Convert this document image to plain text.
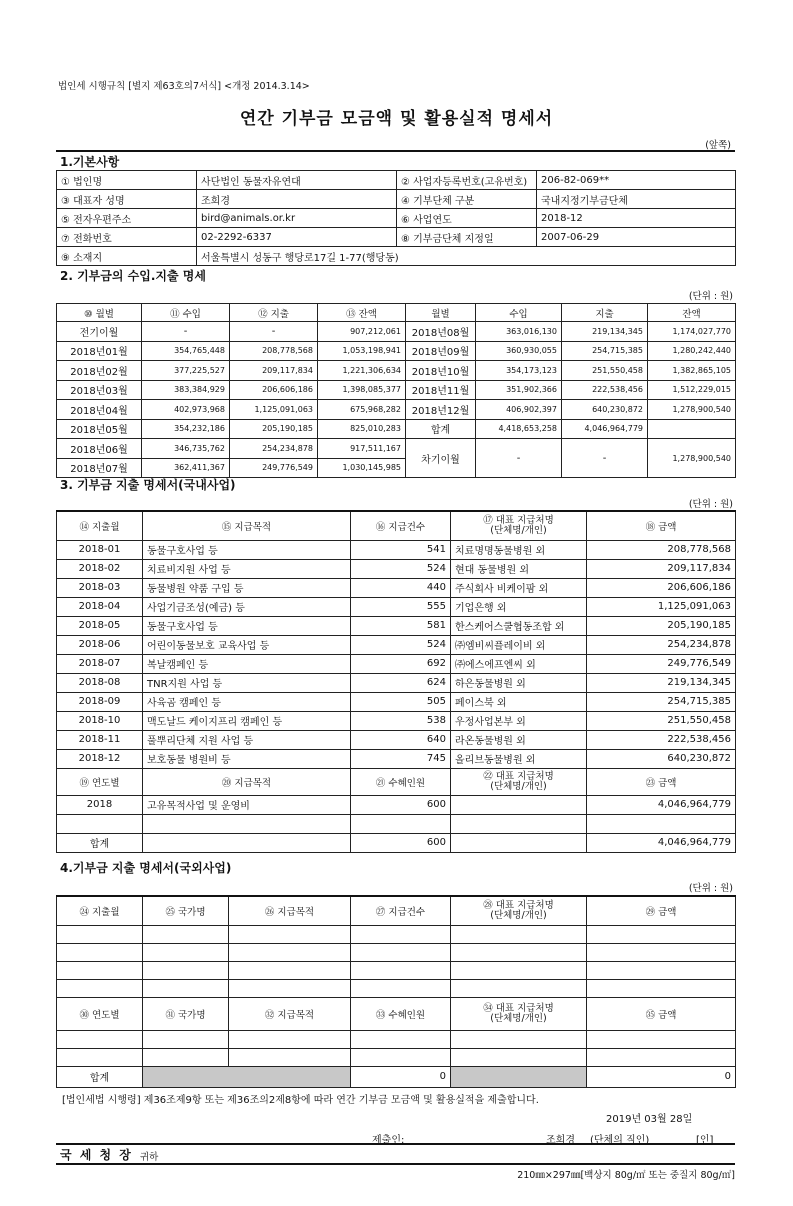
법인세 시행규칙 [별지 제63호의7서식] <개정 2014.3.14>
연간 기부금 모금액 및 활용실적 명세서
(앞쪽)
1.기본사항
① 법인명	사단법인 동물자유연대	② 사업자등록번호(고유번호)	206-82-069**
③ 대표자 성명	조희경	④ 기부단체 구분	국내지정기부금단체
⑤ 전자우편주소	bird@animals.or.kr	⑥ 사업연도	2018-12
⑦ 전화번호	02-2292-6337	⑧ 기부금단체 지정일	2007-06-29
⑨ 소재지	서울특별시 성동구 행당로17길 1-77(행당동)		
2. 기부금의 수입.지출 명세
(단위 : 원)
⑩ 월별	⑪ 수입	⑫ 지출	⑬ 잔액	월별	수입	지출	잔액
전기이월	-	-	907,212,061	2018년08월	363,016,130	219,134,345	1,174,027,770
2018년01월	354,765,448	208,778,568	1,053,198,941	2018년09월	360,930,055	254,715,385	1,280,242,440
2018년02월	377,225,527	209,117,834	1,221,306,634	2018년10월	354,173,123	251,550,458	1,382,865,105
2018년03월	383,384,929	206,606,186	1,398,085,377	2018년11월	351,902,366	222,538,456	1,512,229,015
2018년04월	402,973,968	1,125,091,063	675,968,282	2018년12월	406,902,397	640,230,872	1,278,900,540
2018년05월	354,232,186	205,190,185	825,010,283	합계	4,418,653,258	4,046,964,779	
2018년06월	346,735,762	254,234,878	917,511,167	차기이월	-	-	1,278,900,540
2018년07월	362,411,367	249,776,549	1,030,145,985				
3. 기부금 지출 명세서(국내사업)
(단위 : 원)
⑭ 지출월	⑮ 지급목적	⑯ 지급건수	⑰ 대표 지급처명
(단체명/개인)	⑱ 금액
2018-01	동물구호사업 등	541	치료명명동물병원 외	208,778,568
2018-02	치료비지원 사업 등	524	현대 동물병원 외	209,117,834
2018-03	동물병원 약품 구입 등	440	주식회사 비케이팜 외	206,606,186
2018-04	사업기금조성(예금) 등	555	기업은행 외	1,125,091,063
2018-05	동물구호사업 등	581	한스케어스쿨협동조합 외	205,190,185
2018-06	어린이동물보호 교육사업 등	524	㈜엠비씨플레이비 외	254,234,878
2018-07	복날캠페인 등	692	㈜에스에프엔씨 외	249,776,549
2018-08	TNR지원 사업 등	624	하은동물병원 외	219,134,345
2018-09	사육곰 캠페인 등	505	페이스북 외	254,715,385
2018-10	맥도날드 케이지프리 캠페인 등	538	우정사업본부 외	251,550,458
2018-11	풀뿌리단체 지원 사업 등	640	라온동물병원 외	222,538,456
2018-12	보호동물 병원비 등	745	올리브동물병원 외	640,230,872
⑲ 연도별	⑳ 지급목적	㉑ 수혜인원	㉒ 대표 지급처명
(단체명/개인)	㉓ 금액
2018	고유목적사업 및 운영비	600		4,046,964,779

합계		600		4,046,964,779
4.기부금 지출 명세서(국외사업)
(단위 : 원)
㉔ 지출월	㉕ 국가명	㉖ 지급목적	㉗ 지급건수	㉘ 대표 지급처명
(단체명/개인)	㉙ 금액

㉚ 연도별	㉛ 국가명	㉜ 지급목적	㉝ 수혜인원	㉞ 대표 지급처명
(단체명/개인)	㉟ 금액

합계			0		0
[법인세법 시행령] 제36조제9항 또는 제36조의2제8항에 따라 연간 기부금 모금액 및 활용실적을 제출합니다.
2019년 03월 28일
제출인:	조희경 (단체의 직인)	[인]
국 세 청 장 귀하
210㎜×297㎜[백상지 80g/㎡ 또는 중질지 80g/㎡]
